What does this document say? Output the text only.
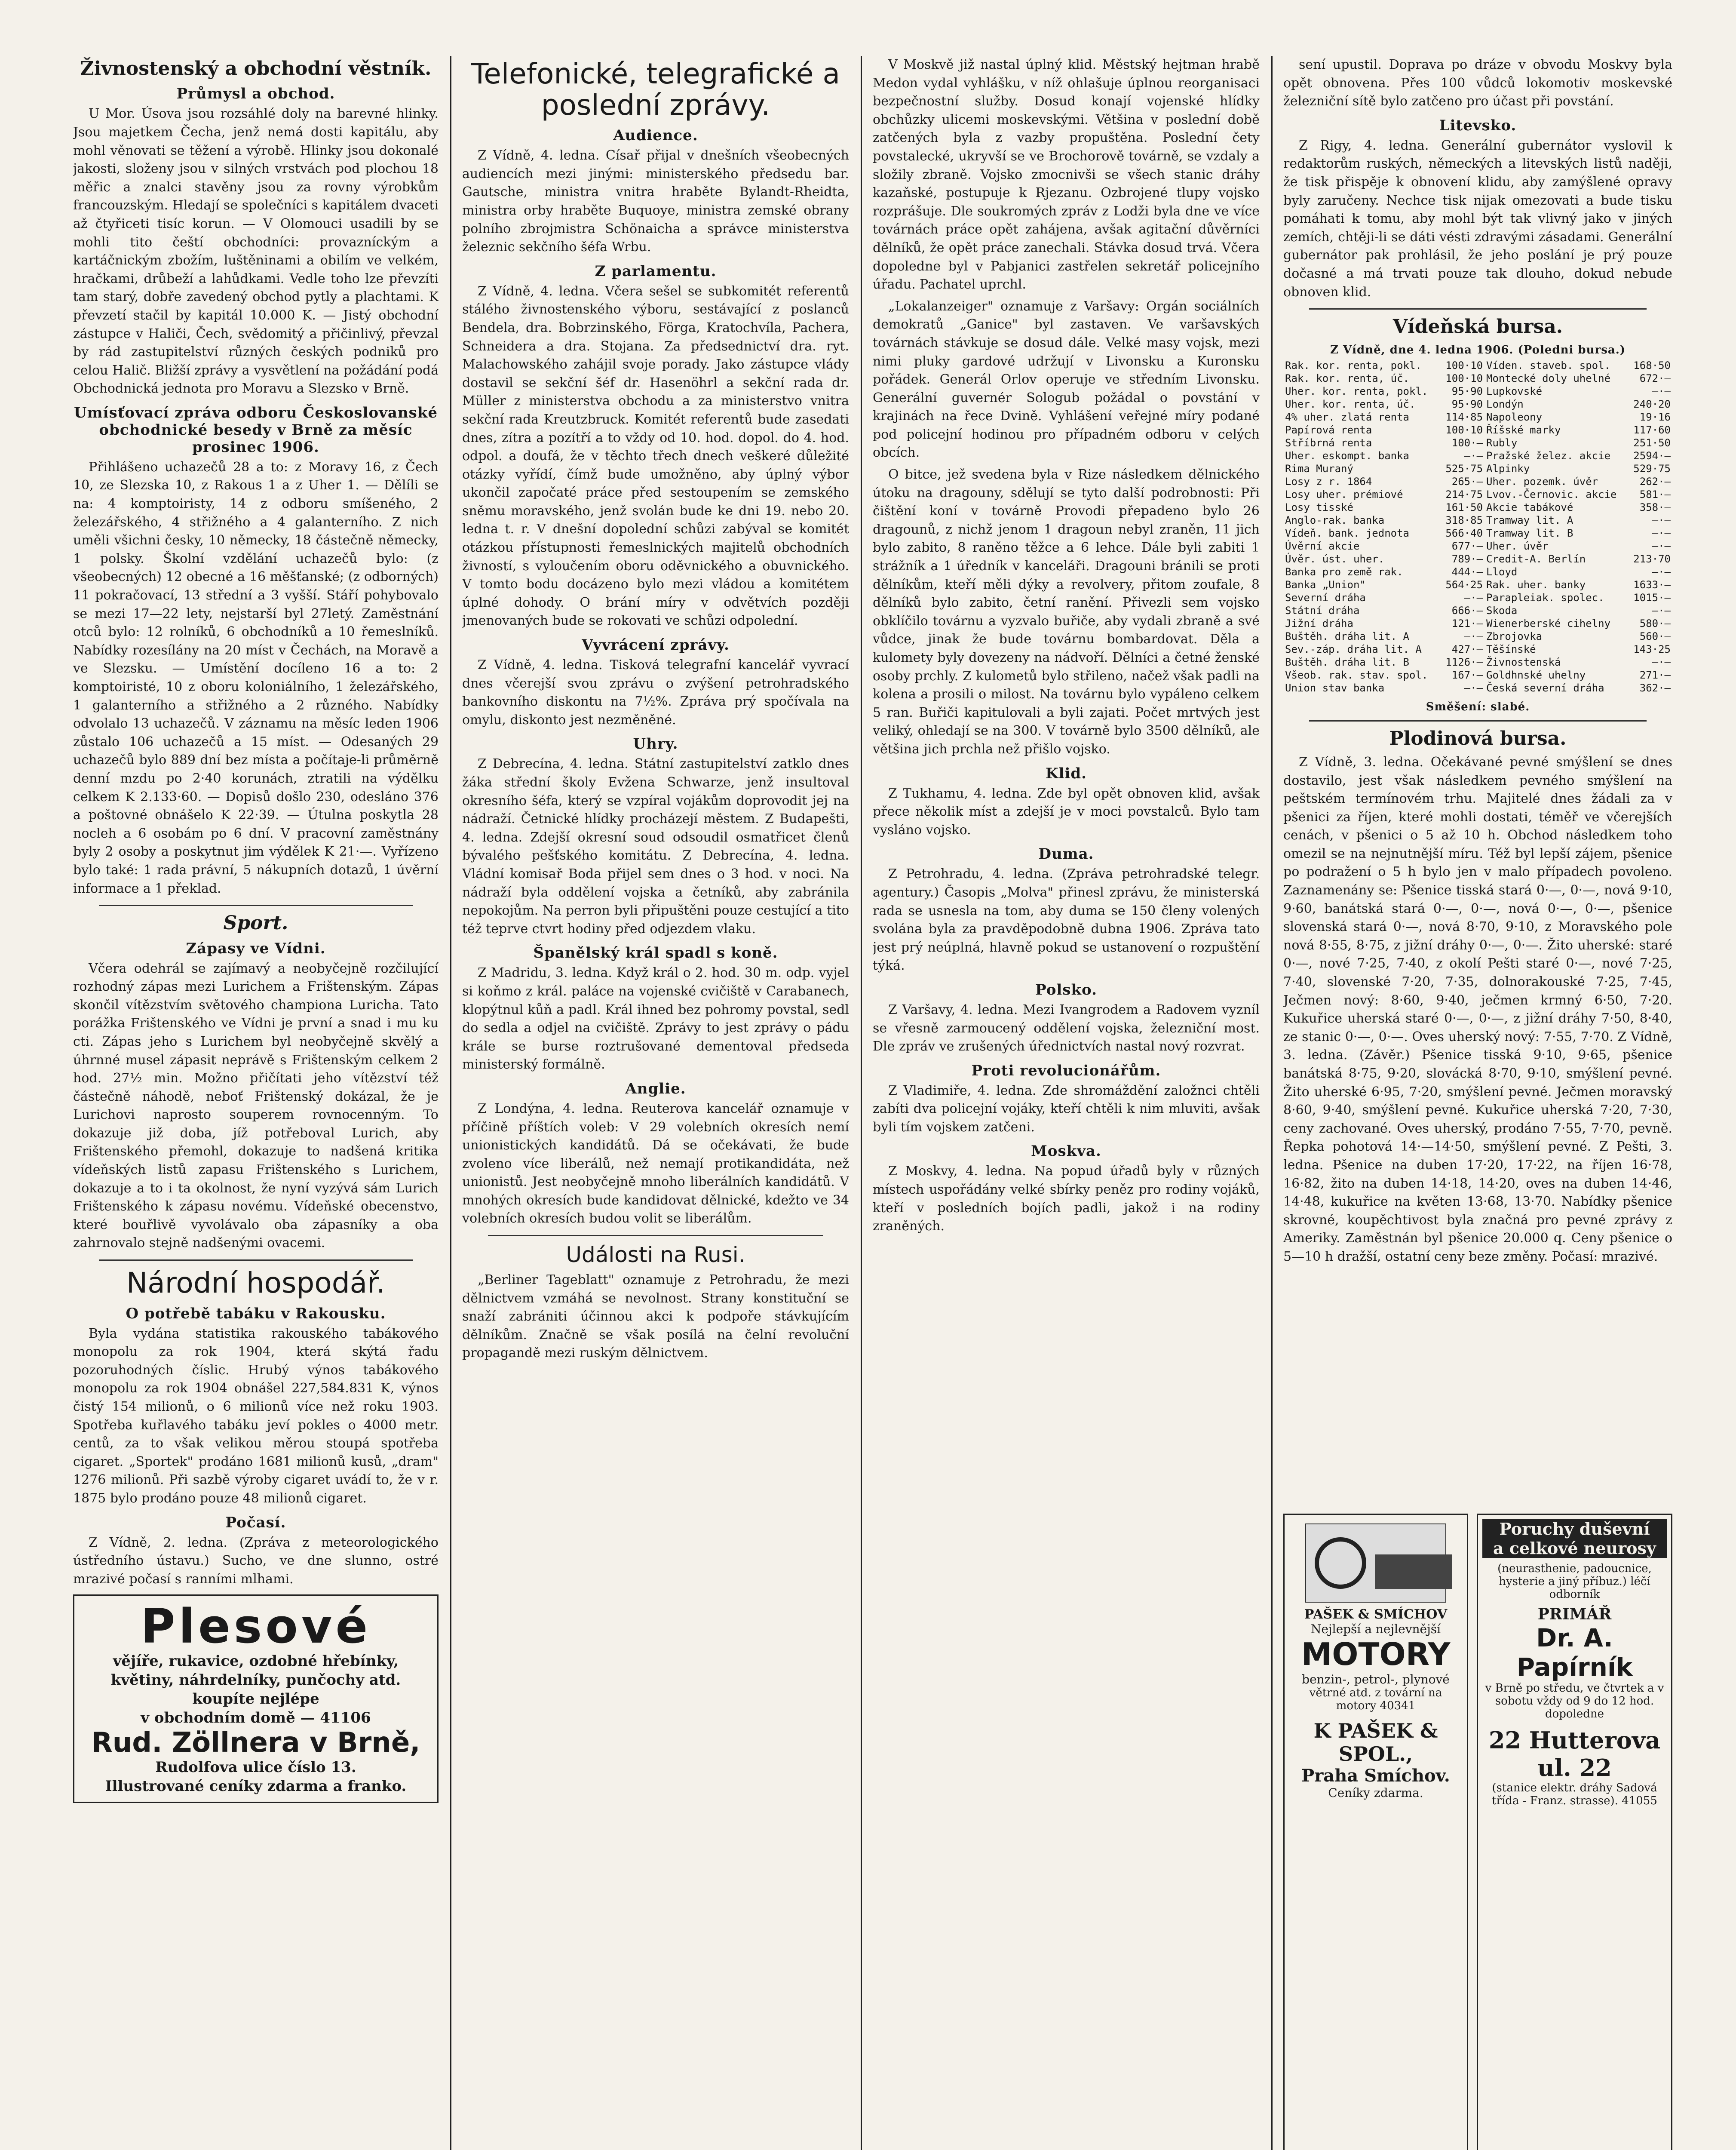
Živnostenský a obchodní věstník.
Průmysl a obchod.

U Mor. Úsova jsou rozsáhlé doly na barevné hlinky. Jsou majetkem Čecha, jenž nemá dosti kapitálu, aby mohl věnovati se těžení a výrobě. Hlinky jsou dokonalé jakosti, složeny jsou v silných vrstvách pod plochou 18 měřic a znalci stavěny jsou za rovny výrobkům francouzským. Hledají se společníci s kapitálem dvaceti až čtyřiceti tisíc korun. — V Olomouci usadili by se mohli tito čeští obchodníci: provazníckým a kartáčnickým zbožím, luštěninami a obilím ve velkém, hračkami, drůbeží a lahůdkami. Vedle toho lze převzíti tam starý, dobře zavedený obchod pytly a plachtami. K převzetí stačil by kapitál 10.000 K. — Jistý obchodní zástupce v Haliči, Čech, svědomitý a přičinlivý, převzal by rád zastupitelství různých českých podniků pro celou Halič. Bližší zprávy a vysvětlení na požádání podá Obchodnická jednota pro Moravu a Slezsko v Brně.

Umísťovací zpráva odboru Českoslovanské obchodnické besedy v Brně za měsíc prosinec 1906.

Přihlášeno uchazečů 28 a to: z Moravy 16, z Čech 10, ze Slezska 10, z Rakous 1 a z Uher 1. — Dělíli se na: 4 komptoiristy, 14 z odboru smíšeného, 2 železářského, 4 střižného a 4 galanterního. Z nich uměli všichni česky, 10 německy, 18 částečně německy, 1 polsky. Školní vzdělání uchazečů bylo: (z všeobecných) 12 obecné a 16 měšťanské; (z odborných) 11 pokračovací, 13 střední a 3 vyšší. Stáří pohybovalo se mezi 17—22 lety, nejstarší byl 27letý. Zaměstnání otců bylo: 12 rolníků, 6 obchodníků a 10 řemeslníků. Nabídky rozesílány na 20 míst v Čechách, na Moravě a ve Slezsku. — Umístění docíleno 16 a to: 2 komptoiristé, 10 z oboru koloniálního, 1 železářského, 1 galanterního a střižného a 2 různého. Nabídky odvolalo 13 uchazečů. V záznamu na měsíc leden 1906 zůstalo 106 uchazečů a 15 míst. — Odesaných 29 uchazečů bylo 889 dní bez místa a počítaje-li průměrně denní mzdu po 2·40 korunách, ztratili na výdělku celkem K 2.133·60. — Dopisů došlo 230, odesláno 376 a poštovné obnášelo K 22·39. — Útulna poskytla 28 nocleh a 6 osobám po 6 dní. V pracovní zaměstnány byly 2 osoby a poskytnut jim výdělek K 21·—. Vyřízeno bylo také: 1 rada právní, 5 nákupních dotazů, 1 úvěrní informace a 1 překlad.

Sport.
Zápasy ve Vídni.

Včera odehrál se zajímavý a neobyčejně rozčilující rozhodný zápas mezi Lurichem a Frištenským. Zápas skončil vítězstvím světového championa Luricha. Tato porážka Frištenského ve Vídni je první a snad i mu ku cti. Zápas jeho s Lurichem byl neobyčejně skvělý a úhrnné musel zápasit neprávě s Frištenským celkem 2 hod. 27½ min. Možno přičítati jeho vítězství též částečně náhodě, neboť Frištenský dokázal, že je Lurichovi naprosto souperem rovnocenným. To dokazuje již doba, jíž potřeboval Lurich, aby Frištenského přemohl, dokazuje to nadšená kritika vídeňských listů zapasu Frištenského s Lurichem, dokazuje a to i ta okolnost, že nyní vyzývá sám Lurich Frištenského k zápasu novému. Vídeňské obecenstvo, které bouřlivě vyvolávalo oba zápasníky a oba zahrnovalo stejně nadšenými ovacemi.

Národní hospodář.
O potřebě tabáku v Rakousku.

Byla vydána statistika rakouského tabákového monopolu za rok 1904, která skýtá řadu pozoruhodných číslic. Hrubý výnos tabákového monopolu za rok 1904 obnášel 227,584.831 K, výnos čistý 154 milionů, o 6 milionů více než roku 1903. Spotřeba kuřlavého tabáku jeví pokles o 4000 metr. centů, za to však velikou měrou stoupá spotřeba cigaret. „Sportek" prodáno 1681 milionů kusů, „dram" 1276 milionů. Při sazbě výroby cigaret uvádí to, že v r. 1875 bylo prodáno pouze 48 milionů cigaret.

Počasí.

Z Vídně, 2. ledna. (Zpráva z meteorologického ústředního ústavu.) Sucho, ve dne slunno, ostré mrazivé počasí s ranními mlhami.

Plesové
vějíře, rukavice, ozdobné hřebínky, květiny, náhrdelníky, punčochy atd.
koupíte nejlépe
v obchodním domě — 41106
Rud. Zöllnera v Brně,
Rudolfova ulice číslo 13.
Illustrované ceníky zdarma a franko.
Telefonické, telegrafické a poslední zprávy.
Audience.

Z Vídně, 4. ledna. Císař přijal v dnešních všeobecných audiencích mezi jinými: ministerského předsedu bar. Gautsche, ministra vnitra hraběte Bylandt-Rheidta, ministra orby hraběte Buquoye, ministra zemské obrany polního zbrojmistra Schönaicha a správce ministerstva železnic sekčního šéfa Wrbu.

Z parlamentu.

Z Vídně, 4. ledna. Včera sešel se subkomitét referentů stálého živnostenského výboru, sestávající z poslanců Bendela, dra. Bobrzinského, Förga, Kratochvíla, Pachera, Schneidera a dra. Stojana. Za předsednictví dra. ryt. Malachowského zahájil svoje porady. Jako zástupce vlády dostavil se sekční šéf dr. Hasenöhrl a sekční rada dr. Müller z ministerstva obchodu a za ministerstvo vnitra sekční rada Kreutzbruck. Komitét referentů bude zasedati dnes, zítra a pozítří a to vždy od 10. hod. dopol. do 4. hod. odpol. a doufá, že v těchto třech dnech veškeré důležité otázky vyřídí, čímž bude umožněno, aby úplný výbor ukončil započaté práce před sestoupením se zemského sněmu moravského, jenž svolán bude ke dni 19. nebo 20. ledna t. r. V dnešní dopolední schůzi zabýval se komitét otázkou přístupnosti řemeslnických majitelů obchodních živností, s vyloučením oboru oděvnického a obuvnického. V tomto bodu docázeno bylo mezi vládou a komitétem úplné dohody. O brání míry v odvětvích později jmenovaných bude se rokovati ve schůzi odpolední.

Vyvrácení zprávy.

Z Vídně, 4. ledna. Tisková telegrafní kancelář vyvrací dnes včerejší svou zprávu o zvýšení petrohradského bankovního diskontu na 7½%. Zpráva prý spočívala na omylu, diskonto jest nezměněné.

Uhry.

Z Debrecína, 4. ledna. Státní zastupitelství zatklo dnes žáka střední školy Evžena Schwarze, jenž insultoval okresního šéfa, který se vzpíral vojákům doprovodit jej na nádraží. Četnické hlídky procházejí městem. Z Budapešti, 4. ledna. Zdejší okresní soud odsoudil osmatřicet členů bývalého pešťského komitátu. Z Debrecína, 4. ledna. Vládní komisař Boda přijel sem dnes o 3 hod. v noci. Na nádraží byla oddělení vojska a četníků, aby zabránila nepokojům. Na perron byli připuštěni pouze cestující a tito též teprve ctvrt hodiny před odjezdem vlaku.

Španělský král spadl s koně.

Z Madridu, 3. ledna. Když král o 2. hod. 30 m. odp. vyjel si koňmo z král. paláce na vojenské cvičiště v Carabanech, klopýtnul kůň a padl. Král ihned bez pohromy povstal, sedl do sedla a odjel na cvičiště. Zprávy to jest zprávy o pádu krále se burse roztrušované dementoval předseda ministerský formálně.

Anglie.

Z Londýna, 4. ledna. Reuterova kancelář oznamuje v příčině příštích voleb: V 29 volebních okresích nemí unionistických kandidátů. Dá se očekávati, že bude zvoleno více liberálů, než nemají protikandidáta, než unionistů. Jest neobyčejně mnoho liberálních kandidátů. V mnohých okresích bude kandidovat dělnické, kdežto ve 34 volebních okresích budou volit se liberálům.

Události na Rusi.

„Berliner Tageblatt" oznamuje z Petrohradu, že mezi dělnictvem vzmáhá se nevolnost. Strany konstituční se snaží zabrániti účinnou akci k podpoře stávkujícím dělníkům. Značně se však posílá na čelní revoluční propagandě mezi ruským dělnictvem.

V Moskvě již nastal úplný klid. Městský hejtman hrabě Medon vydal vyhlášku, v níž ohlašuje úplnou reorganisaci bezpečnostní služby. Dosud konají vojenské hlídky obchůzky ulicemi moskevskými. Většina v poslední době zatčených byla z vazby propuštěna. Poslední čety povstalecké, ukryvší se ve Brochorově továrně, se vzdaly a složily zbraně. Vojsko zmocnivši se všech stanic dráhy kazaňské, postupuje k Rjezanu. Ozbrojené tlupy vojsko rozprášuje. Dle soukromých zpráv z Lodži byla dne ve více továrnách práce opět zahájena, avšak agitační důvěrníci dělníků, že opět práce zanechali. Stávka dosud trvá. Včera dopoledne byl v Pabjanici zastřelen sekretář policejního úřadu. Pachatel uprchl.

„Lokalanzeiger" oznamuje z Varšavy: Orgán sociálních demokratů „Ganice" byl zastaven. Ve varšavských továrnách stávkuje se dosud dále. Velké masy vojsk, mezi nimi pluky gardové udržují v Livonsku a Kuronsku pořádek. Generál Orlov operuje ve středním Livonsku. Generální guvernér Sologub požádal o povstání v krajinách na řece Dvině. Vyhlášení veřejné míry podané pod policejní hodinou pro případném odboru v celých obcích.

O bitce, jež svedena byla v Rize následkem dělnického útoku na dragouny, sdělují se tyto další podrobnosti: Při čištění koní v továrně Provodi přepadeno bylo 26 dragounů, z nichž jenom 1 dragoun nebyl zraněn, 11 jich bylo zabito, 8 raněno těžce a 6 lehce. Dále byli zabiti 1 strážník a 1 úředník v kanceláři. Dragouni bránili se proti dělníkům, kteří měli dýky a revolvery, přitom zoufale, 8 dělníků bylo zabito, četní ranění. Přivezli sem vojsko obklíčilo továrnu a vyzvalo buřiče, aby vydali zbraně a své vůdce, jinak že bude továrnu bombardovat. Děla a kulomety byly dovezeny na nádvoří. Dělníci a četné ženské osoby prchly. Z kulometů bylo střileno, načež však padli na kolena a prosili o milost. Na továrnu bylo vypáleno celkem 5 ran. Buřiči kapitulovali a byli zajati. Počet mrtvých jest veliký, ohledají se na 300. V továrně bylo 3500 dělníků, ale většina jich prchla než přišlo vojsko.

Klid.

Z Tukhamu, 4. ledna. Zde byl opět obnoven klid, avšak přece několik míst a zdejší je v moci povstalců. Bylo tam vysláno vojsko.

Duma.

Z Petrohradu, 4. ledna. (Zpráva petrohradské telegr. agentury.) Časopis „Molva" přinesl zprávu, že ministerská rada se usnesla na tom, aby duma se 150 členy volených svolána byla za pravděpodobně dubna 1906. Zpráva tato jest prý neúplná, hlavně pokud se ustanovení o rozpuštění týká.

Polsko.

Z Varšavy, 4. ledna. Mezi Ivangrodem a Radovem vyzníl se vřesně zarmoucený oddělení vojska, železniční most. Dle zpráv ve zrušených úřednictvích nastal nový rozvrat.

Proti revolucionářům.

Z Vladimiře, 4. ledna. Zde shromáždění založnci chtěli zabíti dva policejní vojáky, kteří chtěli k nim mluviti, avšak byli tím vojskem zatčeni.

Moskva.

Z Moskvy, 4. ledna. Na popud úřadů byly v různých místech uspořádány velké sbírky peněz pro rodiny vojáků, kteří v posledních bojích padli, jakož i na rodiny zraněných.

sení upustil. Doprava po dráze v obvodu Moskvy byla opět obnovena. Přes 100 vůdců lokomotiv moskevské železniční sítě bylo zatčeno pro účast při povstání.

Litevsko.

Z Rigy, 4. ledna. Generální gubernátor vyslovil k redaktorům ruských, německých a litevských listů naději, že tisk přispěje k obnovení klidu, aby zamýšlené opravy byly zaručeny. Nechce tisk nijak omezovati a bude tisku pomáhati k tomu, aby mohl být tak vlivný jako v jiných zemích, chtěji-li se dáti vésti zdravými zásadami. Generální gubernátor pak prohlásil, že jeho poslání je prý pouze dočasné a má trvati pouze tak dlouho, dokud nebude obnoven klid.

Vídeňská bursa.
Z Vídně, dne 4. ledna 1906. (Poledni bursa.)
Rak. kor. renta, pokl.	100·10	Víden. staveb. spol.	168·50
Rak. kor. renta, úč.	100·10	Montecké doly uhelné	672·—
Uher. kor. renta, pokl.	95·90	Lupkovské	—·—
Uher. kor. renta, úč.	95·90	Londýn	240·20
4% uher. zlatá renta	114·85	Napoleony	19·16
Papírová renta	100·10	Říšské marky	117·60
Stříbrná renta	100·—	Rubly	251·50
Uher. eskompt. banka	—·—	Pražské želez. akcie	2594·—
Rima Muraný	525·75	Alpinky	529·75
Losy z r. 1864	265·—	Uher. pozemk. úvěr	262·—
Losy uher. prémiové	214·75	Lvov.-Černovic. akcie	581·—
Losy tisské	161·50	Akcie tabákové	358·—
Anglo-rak. banka	318·85	Tramway lit. A	—·—
Vídeň. bank. jednota	566·40	Tramway lit. B	—·—
Úvěrní akcie	677·—	Uher. úvěr	—·—
Úvěr. úst. uher.	789·—	Credit-A. Berlín	213·70
Banka pro země rak.	444·—	Lloyd	—·—
Banka „Union"	564·25	Rak. uher. banky	1633·—
Severní dráha	—·—	Parapleiak. spolec.	1015·—
Státní dráha	666·—	Skoda	—·—
Jižní dráha	121·—	Wienerberské cihelny	580·—
Buštěh. dráha lit. A	—·—	Zbrojovka	560·—
Sev.-záp. dráha lit. A	427·—	Těšínské	143·25
Buštěh. dráha lit. B	1126·—	Živnostenská	—·—
Všeob. rak. stav. spol.	167·—	Goldhnské uhelny	271·—
Union stav banka	—·—	Česká severní dráha	362·—
Směšení: slabé.
Plodinová bursa.

Z Vídně, 3. ledna. Očekávané pevné smýšlení se dnes dostavilo, jest však následkem pevného smýšlení na peštském termínovém trhu. Majitelé dnes žádali za v pšenici za říjen, které mohli dostati, téměř ve včerejších cenách, v pšenici o 5 až 10 h. Obchod následkem toho omezil se na nejnutnější míru. Též byl lepší zájem, pšenice po podražení o 5 h bylo jen v malo případech povoleno. Zaznamenány se: Pšenice tisská stará 0·—, 0·—, nová 9·10, 9·60, banátská stará 0·—, 0·—, nová 0·—, 0·—, pšenice slovenská stará 0·—, nová 8·70, 9·10, z Moravského pole nová 8·55, 8·75, z jižní dráhy 0·—, 0·—. Žito uherské: staré 0·—, nové 7·25, 7·40, z okolí Pešti staré 0·—, nové 7·25, 7·40, slovenské 7·20, 7·35, dolnorakouské 7·25, 7·45, Ječmen nový: 8·60, 9·40, ječmen krmný 6·50, 7·20. Kukuřice uherská staré 0·—, 0·—, z jižní dráhy 7·50, 8·40, ze stanic 0·—, 0·—. Oves uherský nový: 7·55, 7·70. Z Vídně, 3. ledna. (Závěr.) Pšenice tisská 9·10, 9·65, pšenice banátská 8·75, 9·20, slovácká 8·70, 9·10, smýšlení pevné. Žito uherské 6·95, 7·20, smýšlení pevné. Ječmen moravský 8·60, 9·40, smýšlení pevné. Kukuřice uherská 7·20, 7·30, ceny zachované. Oves uherský, prodáno 7·55, 7·70, pevně. Řepka pohotová 14·—14·50, smýšlení pevné. Z Pešti, 3. ledna. Pšenice na duben 17·20, 17·22, na říjen 16·78, 16·82, žito na duben 14·18, 14·20, oves na duben 14·46, 14·48, kukuřice na květen 13·68, 13·70. Nabídky pšenice skrovné, koupěchtivost byla značná pro pevné zprávy z Ameriky. Zaměstnán byl pšenice 20.000 q. Ceny pšenice o 5—10 h dražší, ostatní ceny beze změny. Počasí: mrazivé.

PAŠEK & SMÍCHOV
Nejlepší a nejlevnější
MOTORY
benzin-, petrol-, plynové
větrné atd. z tovární na motory 40341
K PAŠEK & SPOL.,
Praha Smíchov.
Ceníky zdarma.
Poruchy duševní
a celkové neurosy
(neurasthenie, padoucnice, hysterie a jiný příbuz.) léčí odborník
PRIMÁŘ
Dr. A. Papírník
v Brně po středu, ve čtvrtek a v sobotu vždy od 9 do 12 hod. dopoledne
22 Hutterova ul. 22
(stanice elektr. dráhy Sadová třída - Franz. strasse). 41055
